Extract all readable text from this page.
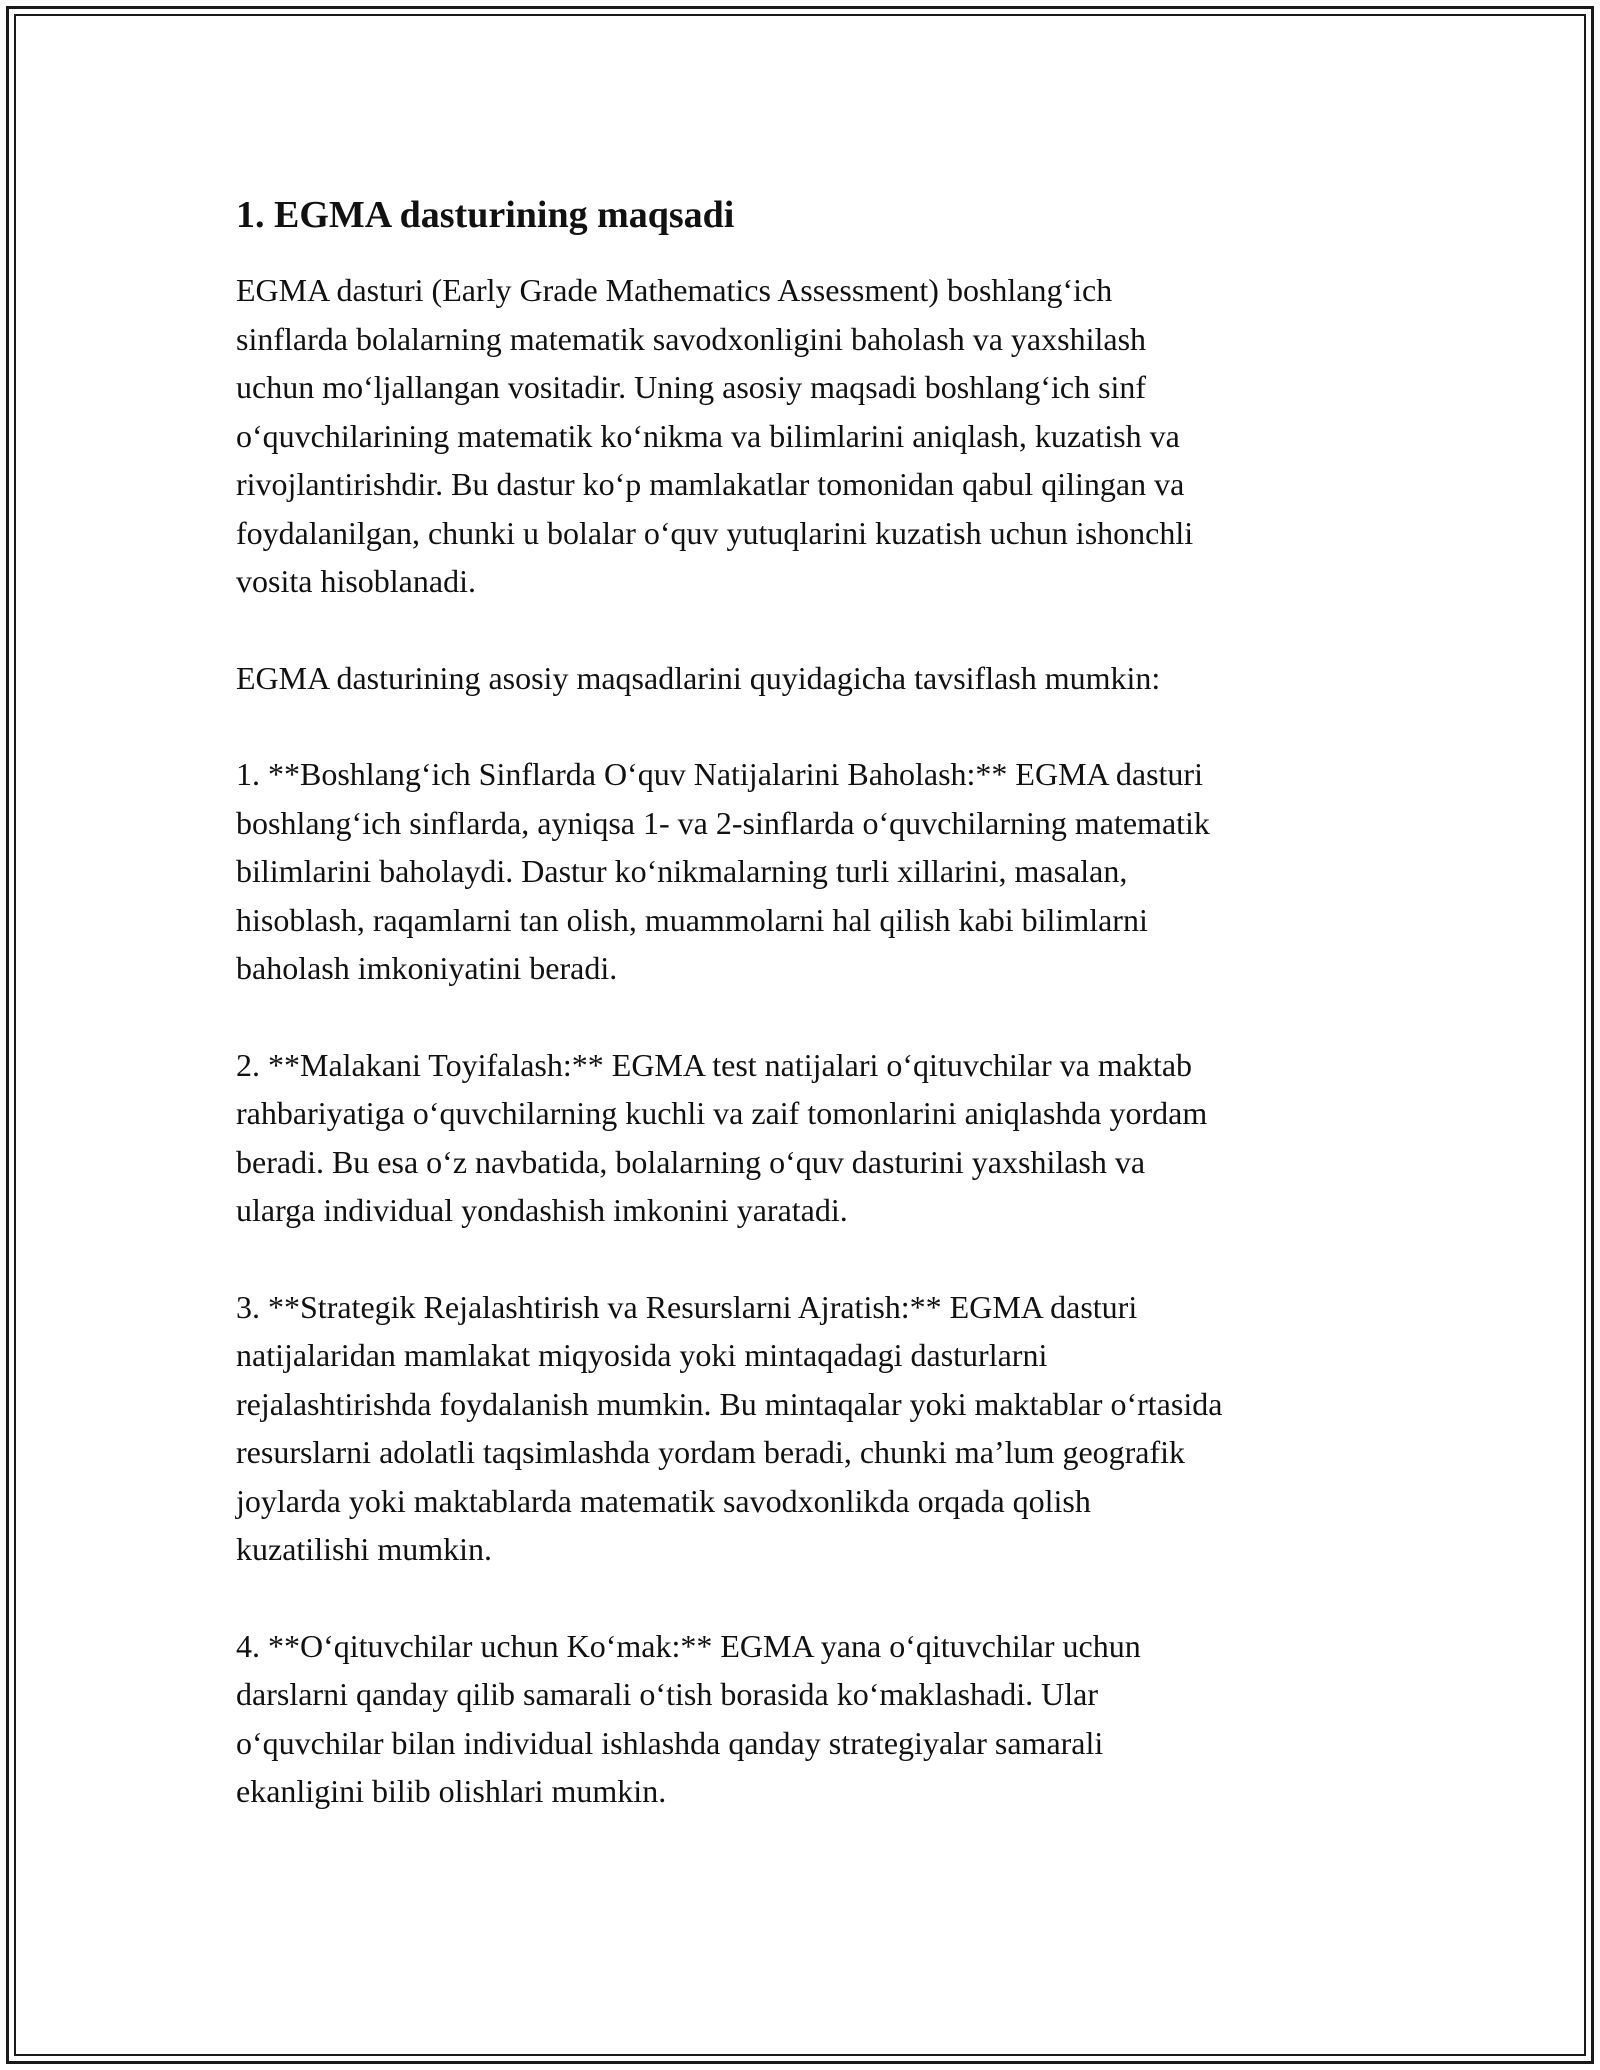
1. EGMA dasturining maqsadi

EGMA dasturi (Early Grade Mathematics Assessment) boshlang‘ich
sinflarda bolalarning matematik savodxonligini baholash va yaxshilash
uchun mo‘ljallangan vositadir. Uning asosiy maqsadi boshlang‘ich sinf
o‘quvchilarining matematik ko‘nikma va bilimlarini aniqlash, kuzatish va
rivojlantirishdir. Bu dastur ko‘p mamlakatlar tomonidan qabul qilingan va
foydalanilgan, chunki u bolalar o‘quv yutuqlarini kuzatish uchun ishonchli
vosita hisoblanadi.

EGMA dasturining asosiy maqsadlarini quyidagicha tavsiflash mumkin:

1. **Boshlang‘ich Sinflarda O‘quv Natijalarini Baholash:** EGMA dasturi
boshlang‘ich sinflarda, ayniqsa 1- va 2-sinflarda o‘quvchilarning matematik
bilimlarini baholaydi. Dastur ko‘nikmalarning turli xillarini, masalan,
hisoblash, raqamlarni tan olish, muammolarni hal qilish kabi bilimlarni
baholash imkoniyatini beradi.

2. **Malakani Toyifalash:** EGMA test natijalari o‘qituvchilar va maktab
rahbariyatiga o‘quvchilarning kuchli va zaif tomonlarini aniqlashda yordam
beradi. Bu esa o‘z navbatida, bolalarning o‘quv dasturini yaxshilash va
ularga individual yondashish imkonini yaratadi.

3. **Strategik Rejalashtirish va Resurslarni Ajratish:** EGMA dasturi
natijalaridan mamlakat miqyosida yoki mintaqadagi dasturlarni
rejalashtirishda foydalanish mumkin. Bu mintaqalar yoki maktablar o‘rtasida
resurslarni adolatli taqsimlashda yordam beradi, chunki ma’lum geografik
joylarda yoki maktablarda matematik savodxonlikda orqada qolish
kuzatilishi mumkin.

4. **O‘qituvchilar uchun Ko‘mak:** EGMA yana o‘qituvchilar uchun
darslarni qanday qilib samarali o‘tish borasida ko‘maklashadi. Ular
o‘quvchilar bilan individual ishlashda qanday strategiyalar samarali
ekanligini bilib olishlari mumkin.
